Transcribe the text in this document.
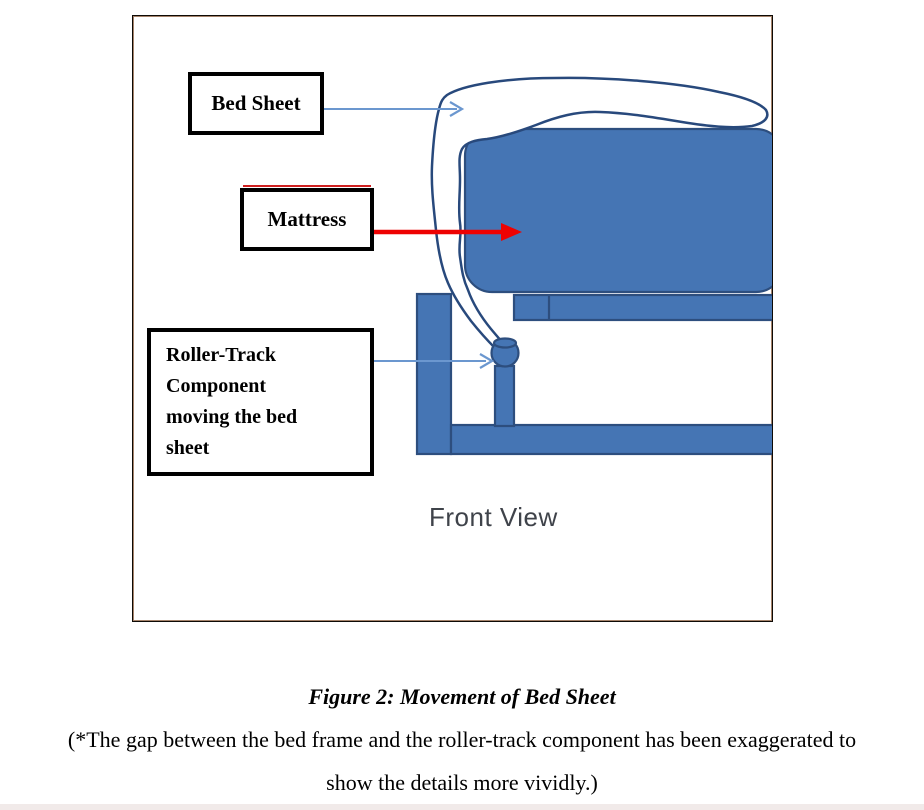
Bed Sheet
Mattress
Roller-Track
Component
moving the bed
sheet
Front View
Figure 2: Movement of Bed Sheet
(*The gap between the bed frame and the roller-track component has been exaggerated to
show the details more vividly.)
